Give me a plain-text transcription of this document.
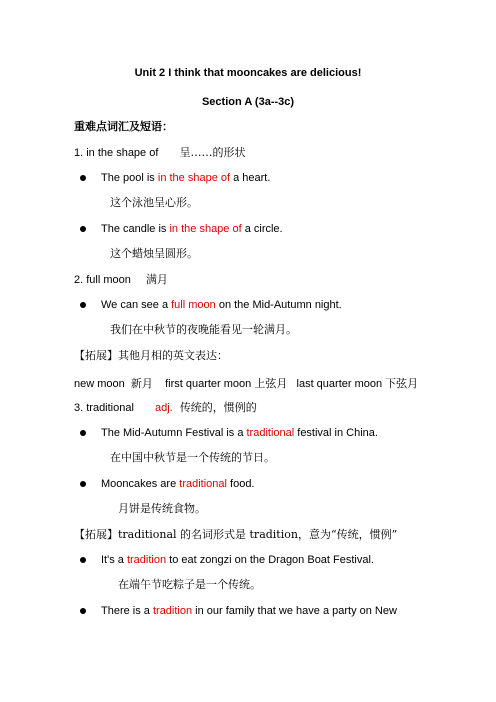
Unit 2 I think that mooncakes are delicious!
Section A (3a--3c)
重难点词汇及短语：
1. in the shape of 呈……的形状
The pool is in the shape of a heart.
这个泳池呈心形。
The candle is in the shape of a circle.
这个蜡烛呈圆形。
2. full moon 满月
We can see a full moon on the Mid-Autumn night.
我们在中秋节的夜晚能看见一轮满月。
【拓展】其他月相的英文表达：
new moon  新月    first quarter moon 上弦月   last quarter moon 下弦月
3. traditional adj. 传统的，惯例的
The Mid-Autumn Festival is a traditional festival in China.
在中国中秋节是一个传统的节日。
Mooncakes are traditional food.
月饼是传统食物。
【拓展】traditional 的名词形式是 tradition，意为“传统，惯例”
It's a tradition to eat zongzi on the Dragon Boat Festival.
在端午节吃粽子是一个传统。
There is a tradition in our family that we have a party on New
